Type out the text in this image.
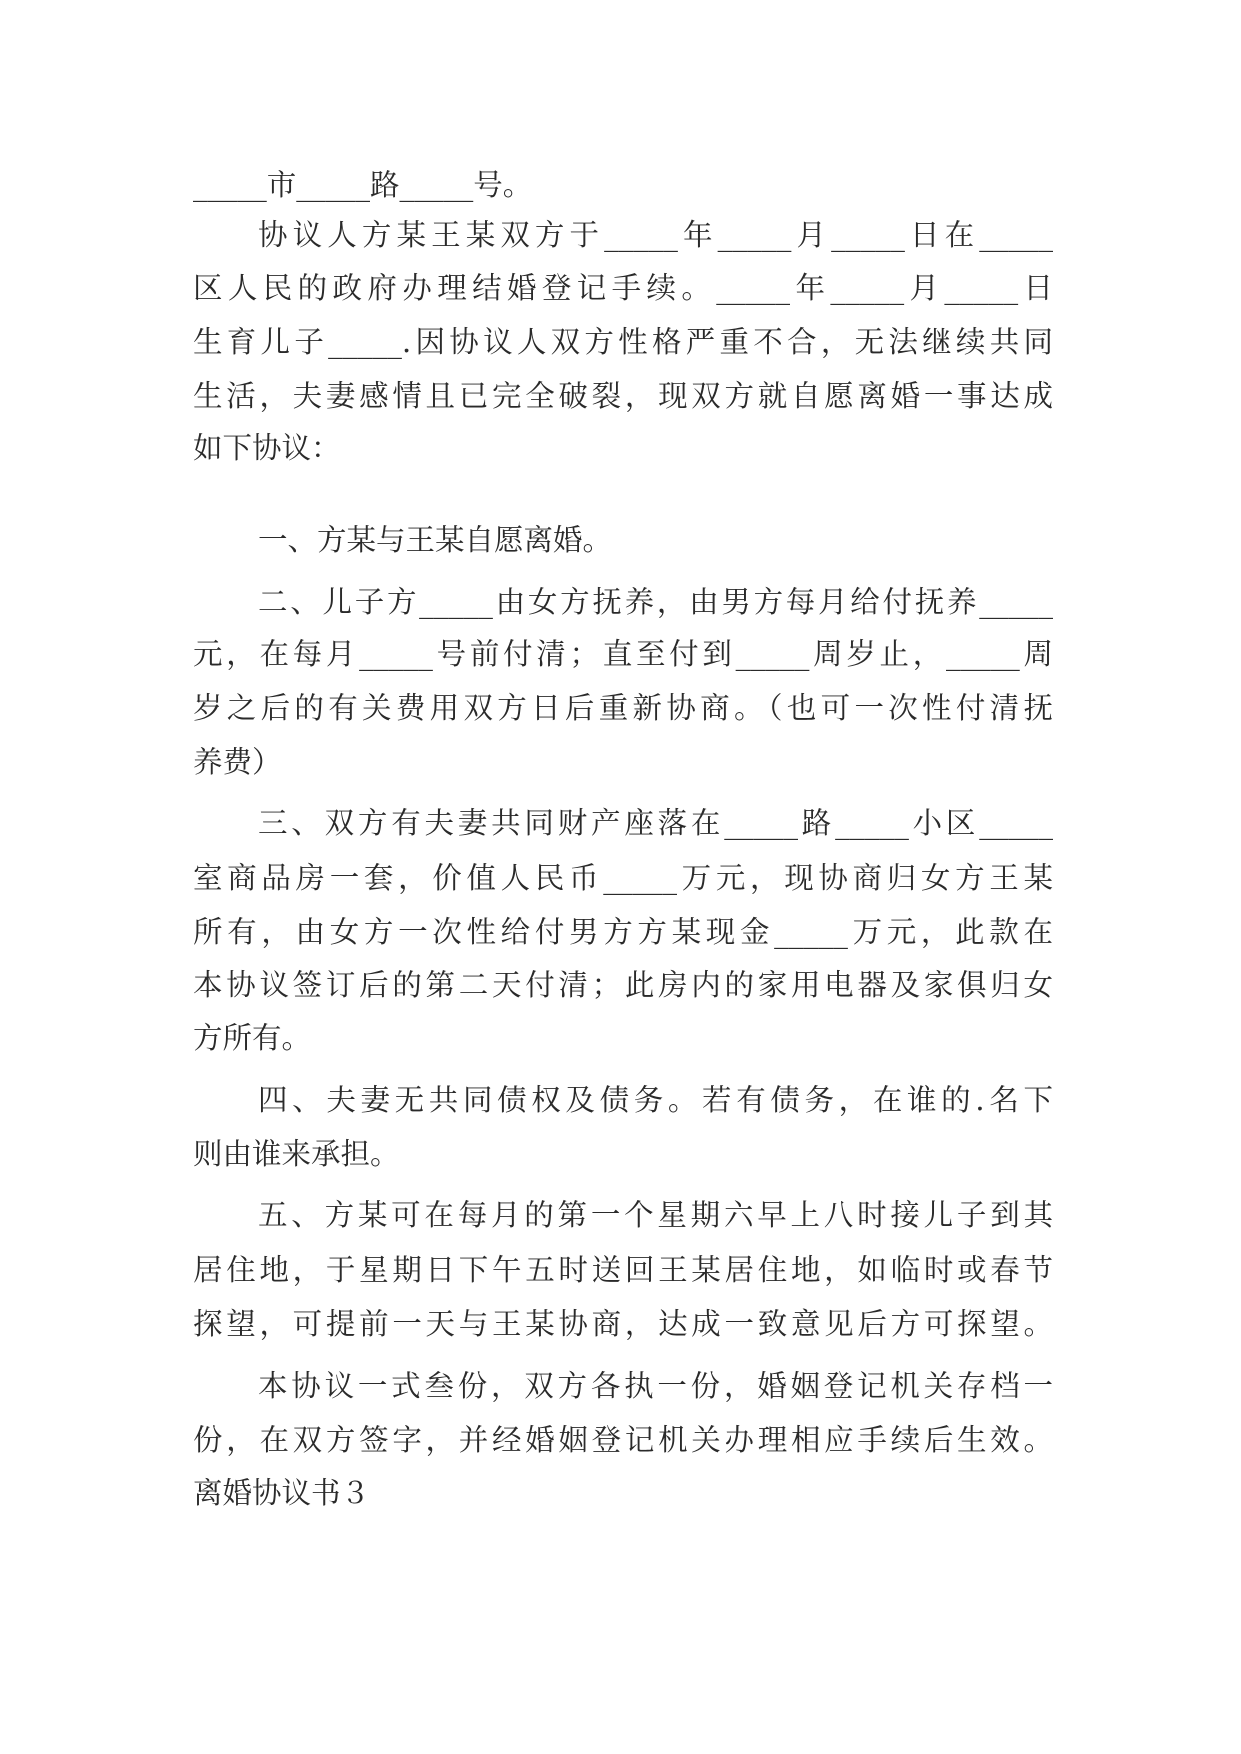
_____市_____路_____号。
协议人方某王某双方于_____年_____月_____日在_____
区人民的政府办理结婚登记手续。_____年_____月_____日
生育儿子_____.因协议人双方性格严重不合，无法继续共同
生活，夫妻感情且已完全破裂，现双方就自愿离婚一事达成
如下协议：
一、方某与王某自愿离婚。
二、儿子方_____由女方抚养，由男方每月给付抚养_____
元，在每月_____号前付清；直至付到_____周岁止，_____周
岁之后的有关费用双方日后重新协商。（也可一次性付清抚
养费）
三、双方有夫妻共同财产座落在_____路_____小区_____
室商品房一套，价值人民币_____万元，现协商归女方王某
所有，由女方一次性给付男方方某现金_____万元，此款在
本协议签订后的第二天付清；此房内的家用电器及家俱归女
方所有。
四、夫妻无共同债权及债务。若有债务，在谁的.名下
则由谁来承担。
五、方某可在每月的第一个星期六早上八时接儿子到其
居住地，于星期日下午五时送回王某居住地，如临时或春节
探望，可提前一天与王某协商，达成一致意见后方可探望。
本协议一式叁份，双方各执一份，婚姻登记机关存档一
份，在双方签字，并经婚姻登记机关办理相应手续后生效。
离婚协议书３
